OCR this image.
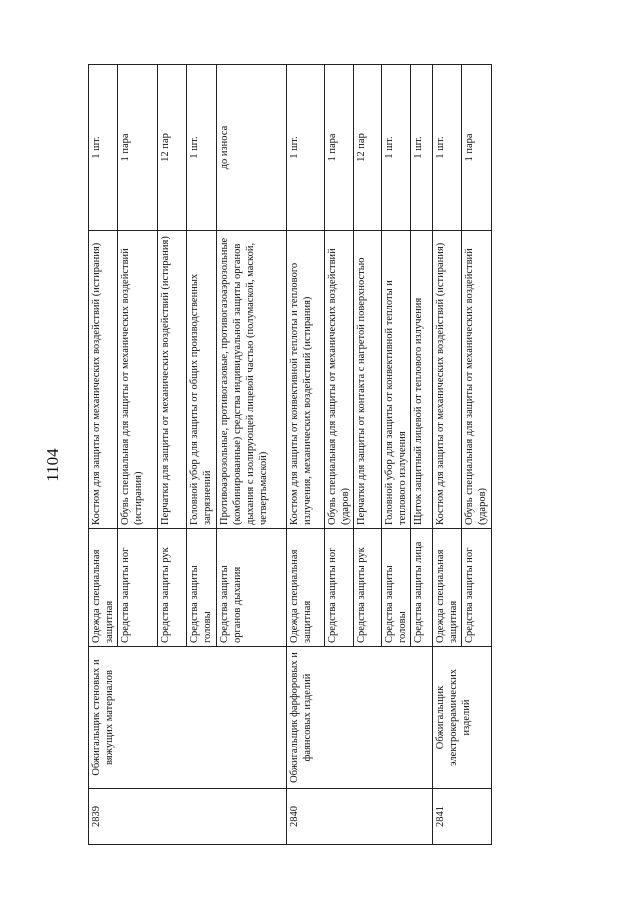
1104
2839	Обжигальщик стеновых и вяжущих материалов	Одежда специальная защитная	Костюм для защиты от механических воздействий (истирания)	1 шт.
		Средства защиты ног	Обувь специальная для защиты от механических воздействий (истирания)	1 пара
		Средства защиты рук	Перчатки для защиты от механических воздействий (истирания)	12 пар
		Средства защиты головы	Головной убор для защиты от общих производственных загрязнений	1 шт.
		Средства защиты органов дыхания	Противоаэрозольные, противогазовые, противогазоаэрозольные (комбинированные) средства индивидуальной защиты органов дыхания с изолирующей лицевой частью (полумаской, маской, четвертьмаской)	до износа
2840	Обжигальщик фарфоровых и фаянсовых изделий	Одежда специальная защитная	Костюм для защиты от конвективной теплоты и теплового излучения, механических воздействий (истирания)	1 шт.
		Средства защиты ног	Обувь специальная для защиты от механических воздействий (ударов)	1 пара
		Средства защиты рук	Перчатки для защиты от контакта с нагретой поверхностью	12 пар
		Средства защиты головы	Головной убор для защиты от конвективной теплоты и теплового излучения	1 шт.
		Средства защиты лица	Щиток защитный лицевой от теплового излучения	1 шт.
2841	Обжигальщик электрокерамических изделий	Одежда специальная защитная	Костюм для защиты от механических воздействий (истирания)	1 шт.
		Средства защиты ног	Обувь специальная для защиты от механических воздействий (ударов)	1 пара
